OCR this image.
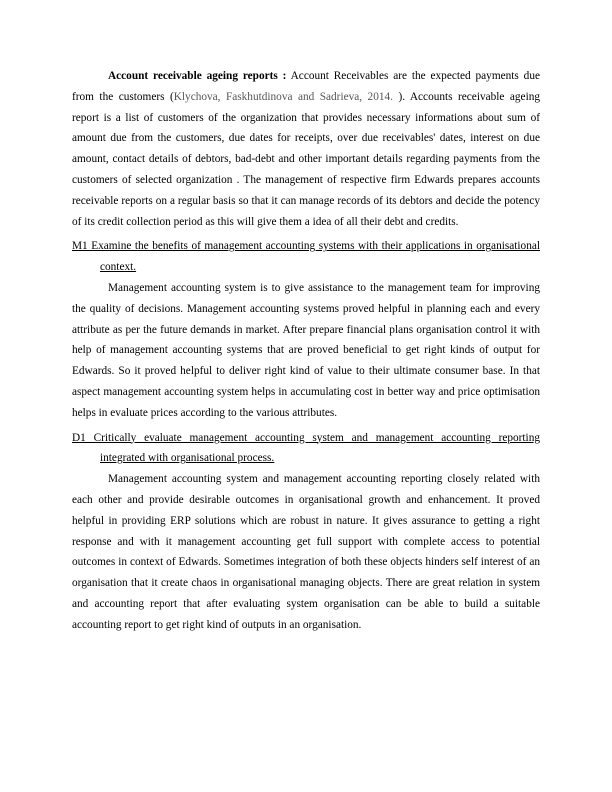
Account receivable ageing reports : Account Receivables are the expected payments due from the customers (Klychova, Faskhutdinova and Sadrieva, 2014. ). Accounts receivable ageing report is a list of customers of the organization that provides necessary informations about sum of amount due from the customers, due dates for receipts, over due receivables' dates, interest on due amount, contact details of debtors, bad-debt and other important details regarding payments from the customers of selected organization . The management of respective firm Edwards prepares accounts receivable reports on a regular basis so that it can manage records of its debtors and decide the potency of its credit collection period as this will give them a idea of all their debt and credits.

M1 Examine the benefits of management accounting systems with their applications in organisational context.

Management accounting system is to give assistance to the management team for improving the quality of decisions. Management accounting systems proved helpful in planning each and every attribute as per the future demands in market. After prepare financial plans organisation control it with help of management accounting systems that are proved beneficial to get right kinds of output for Edwards. So it proved helpful to deliver right kind of value to their ultimate consumer base. In that aspect management accounting system helps in accumulating cost in better way and price optimisation helps in evaluate prices according to the various attributes.

D1 Critically evaluate management accounting system and management accounting reporting integrated with organisational process.

Management accounting system and management accounting reporting closely related with each other and provide desirable outcomes in organisational growth and enhancement. It proved helpful in providing ERP solutions which are robust in nature. It gives assurance to getting a right response and with it management accounting get full support with complete access to potential outcomes in context of Edwards. Sometimes integration of both these objects hinders self interest of an organisation that it create chaos in organisational managing objects. There are great relation in system and accounting report that after evaluating system organisation can be able to build a suitable accounting report to get right kind of outputs in an organisation.
